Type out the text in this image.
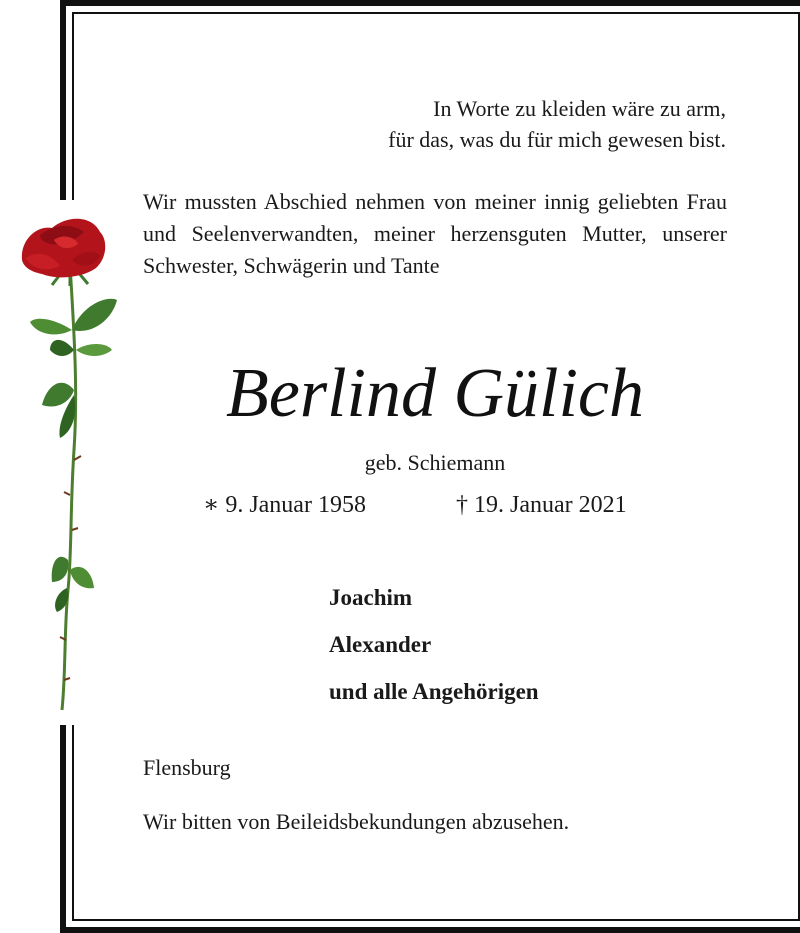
In Worte zu kleiden wäre zu arm,
für das, was du für mich gewesen bist.
Wir mussten Abschied nehmen von meiner innig geliebten Frau und Seelenverwandten, meiner herzensguten Mutter, unserer Schwester, Schwägerin und Tante
Berlind Gülich
geb. Schiemann
∗ 9. Januar 1958	† 19. Januar 2021
Joachim
Alexander
und alle Angehörigen
Flensburg
Wir bitten von Beileidsbekundungen abzusehen.
